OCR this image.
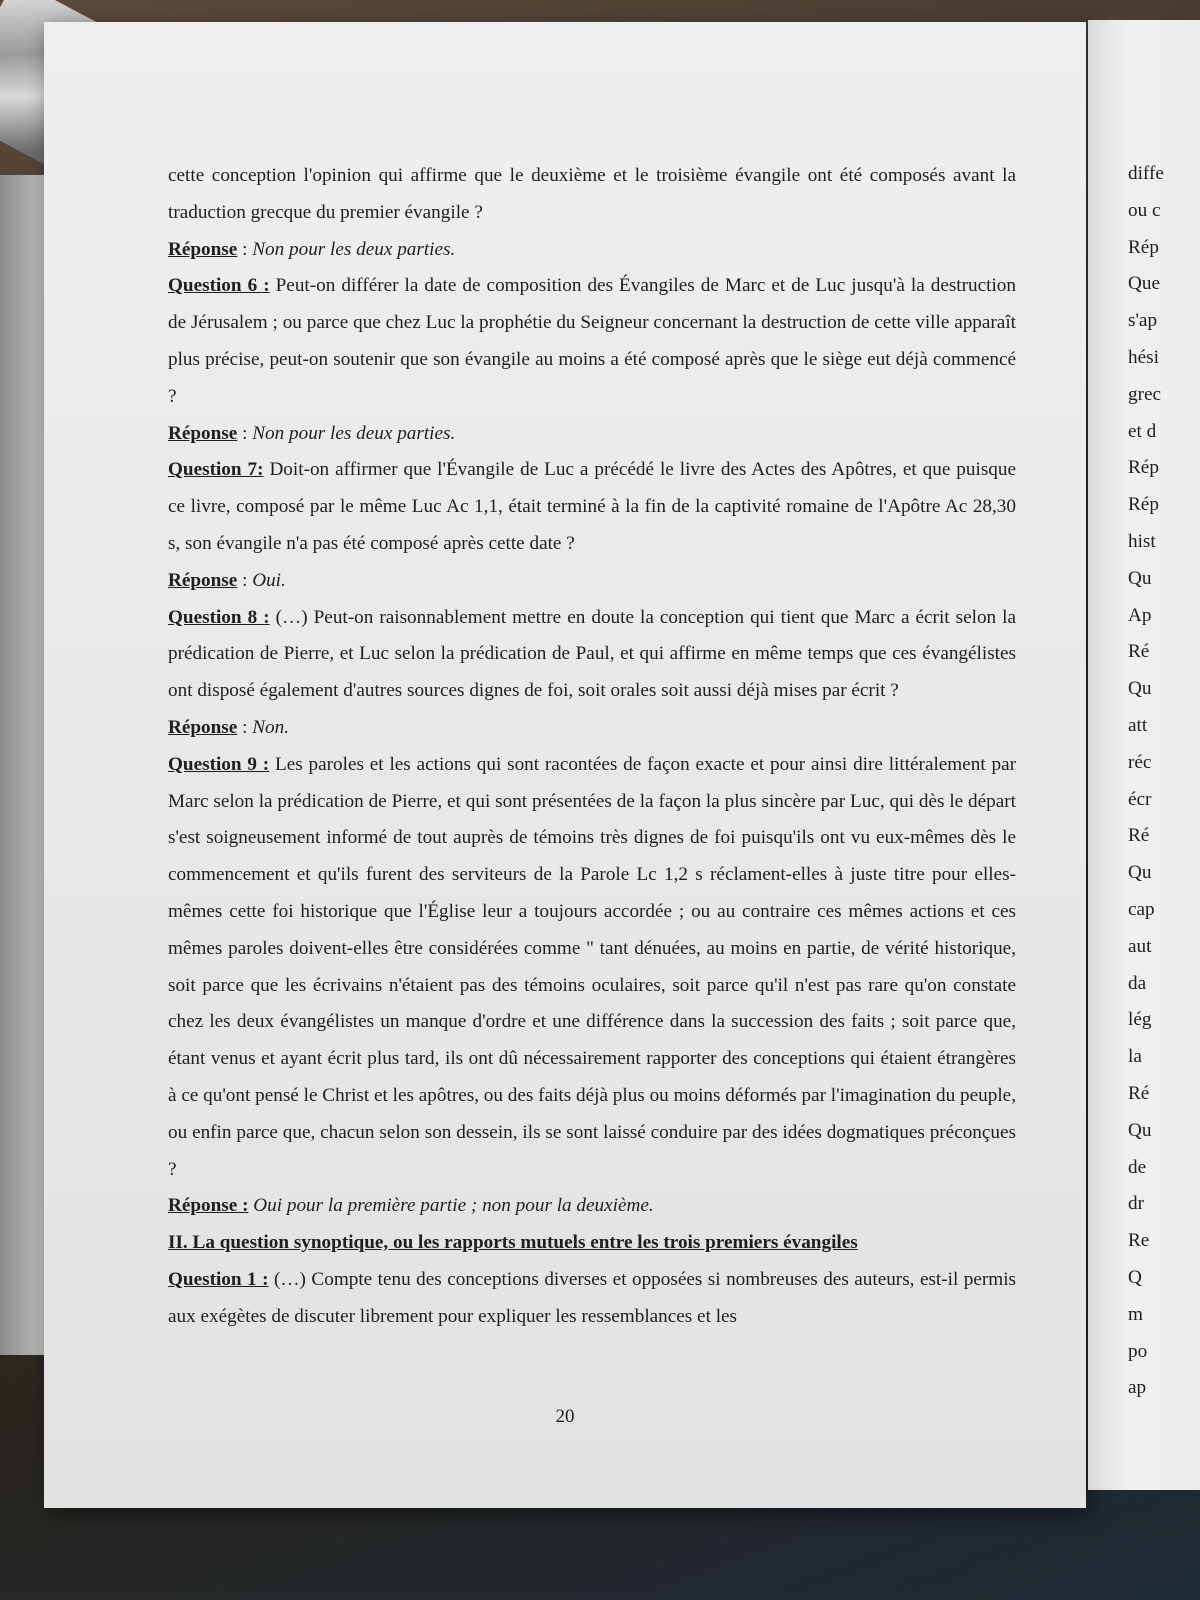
cette conception l'opinion qui affirme que le deuxième et le troisième évangile ont été composés avant la traduction grecque du premier évangile ?

Réponse : Non pour les deux parties.

Question 6 : Peut-on différer la date de composition des Évangiles de Marc et de Luc jusqu'à la destruction de Jérusalem ; ou parce que chez Luc la prophétie du Seigneur concernant la destruction de cette ville apparaît plus précise, peut-on soutenir que son évangile au moins a été composé après que le siège eut déjà commencé ?

Réponse : Non pour les deux parties.

Question 7: Doit-on affirmer que l'Évangile de Luc a précédé le livre des Actes des Apôtres, et que puisque ce livre, composé par le même Luc Ac 1,1, était terminé à la fin de la captivité romaine de l'Apôtre Ac 28,30 s, son évangile n'a pas été composé après cette date ?

Réponse : Oui.

Question 8 : (…) Peut-on raisonnablement mettre en doute la conception qui tient que Marc a écrit selon la prédication de Pierre, et Luc selon la prédication de Paul, et qui affirme en même temps que ces évangélistes ont disposé également d'autres sources dignes de foi, soit orales soit aussi déjà mises par écrit ?

Réponse : Non.

Question 9 : Les paroles et les actions qui sont racontées de façon exacte et pour ainsi dire littéralement par Marc selon la prédication de Pierre, et qui sont présentées de la façon la plus sincère par Luc, qui dès le départ s'est soigneusement informé de tout auprès de témoins très dignes de foi puisqu'ils ont vu eux-mêmes dès le commencement et qu'ils furent des serviteurs de la Parole Lc 1,2 s réclament-elles à juste titre pour elles-mêmes cette foi historique que l'Église leur a toujours accordée ; ou au contraire ces mêmes actions et ces mêmes paroles doivent-elles être considérées comme " tant dénuées, au moins en partie, de vérité historique, soit parce que les écrivains n'étaient pas des témoins oculaires, soit parce qu'il n'est pas rare qu'on constate chez les deux évangélistes un manque d'ordre et une différence dans la succession des faits ; soit parce que, étant venus et ayant écrit plus tard, ils ont dû nécessairement rapporter des conceptions qui étaient étrangères à ce qu'ont pensé le Christ et les apôtres, ou des faits déjà plus ou moins déformés par l'imagination du peuple, ou enfin parce que, chacun selon son dessein, ils se sont laissé conduire par des idées dogmatiques préconçues ?

Réponse : Oui pour la première partie ; non pour la deuxième.

II. La question synoptique, ou les rapports mutuels entre les trois premiers évangiles

Question 1 : (…) Compte tenu des conceptions diverses et opposées si nombreuses des auteurs, est-il permis aux exégètes de discuter librement pour expliquer les ressemblances et les

20
diffe
ou c
Rép
Que
s'ap
hési
grec
et d
Rép
Rép
hist
Qu
Ap
Ré
Qu
att
réc
écr
Ré
Qu
cap
aut
da
lég
la
Ré
Qu
de
dr
Re
Q
m
po
ap
